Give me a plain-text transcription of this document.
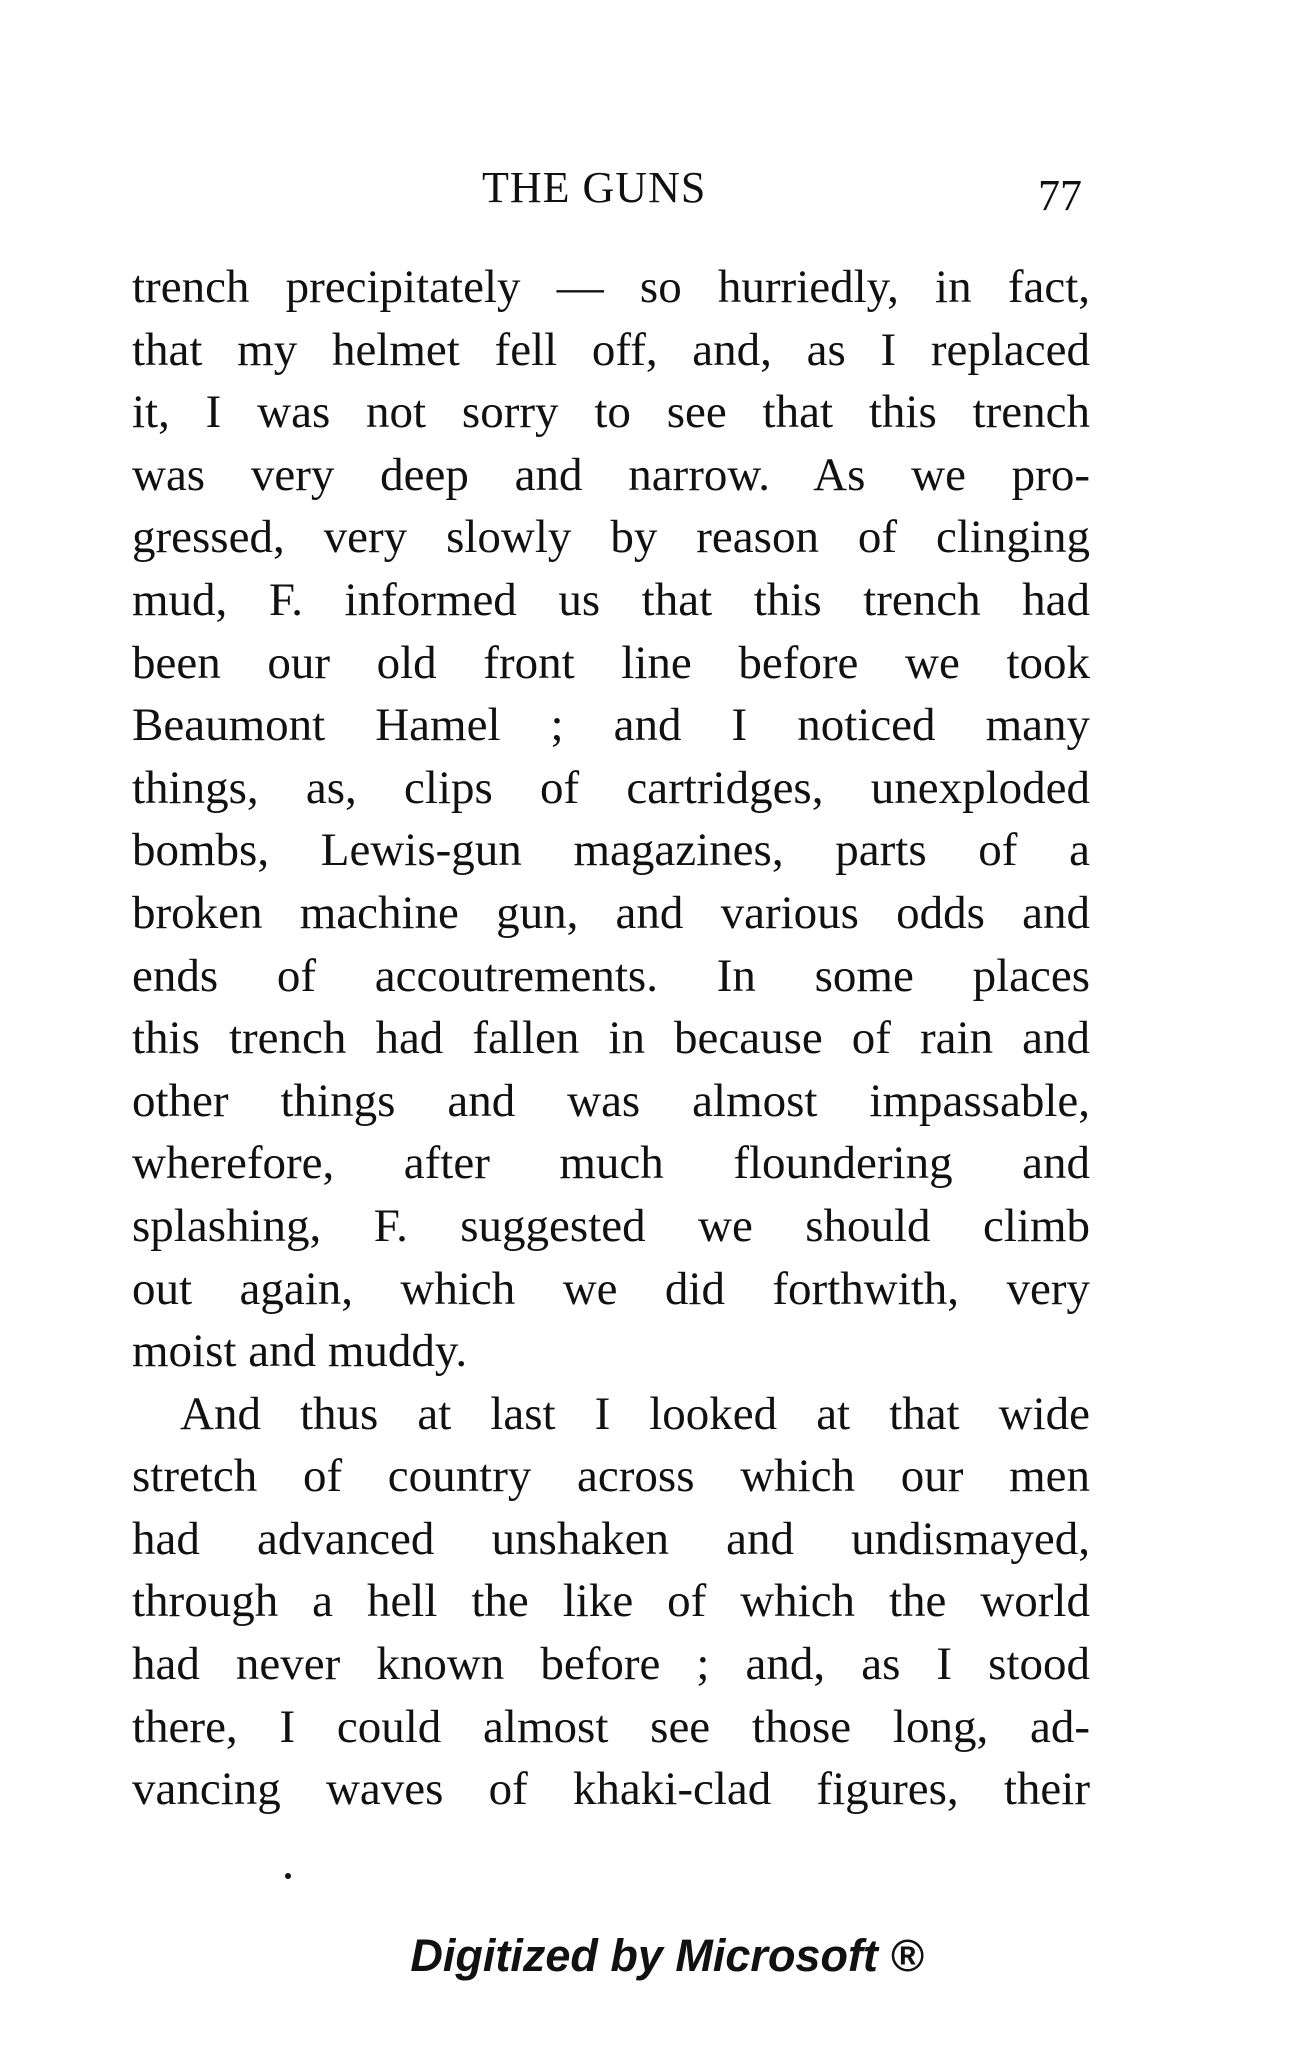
THE GUNS	77
trench precipitately — so hurriedly, in fact,
that my helmet fell off, and, as I replaced
it, I was not sorry to see that this trench
was very deep and narrow. As we pro-
gressed, very slowly by reason of clinging
mud, F. informed us that this trench had
been our old front line before we took
Beaumont Hamel ; and I noticed many
things, as, clips of cartridges, unexploded
bombs, Lewis-gun magazines, parts of a
broken machine gun, and various odds and
ends of accoutrements. In some places
this trench had fallen in because of rain and
other things and was almost impassable,
wherefore, after much floundering and
splashing, F. suggested we should climb
out again, which we did forthwith, very
moist and muddy.
And thus at last I looked at that wide
stretch of country across which our men
had advanced unshaken and undismayed,
through a hell the like of which the world
had never known before ; and, as I stood
there, I could almost see those long, ad-
vancing waves of khaki-clad figures, their
Digitized by Microsoft ®
